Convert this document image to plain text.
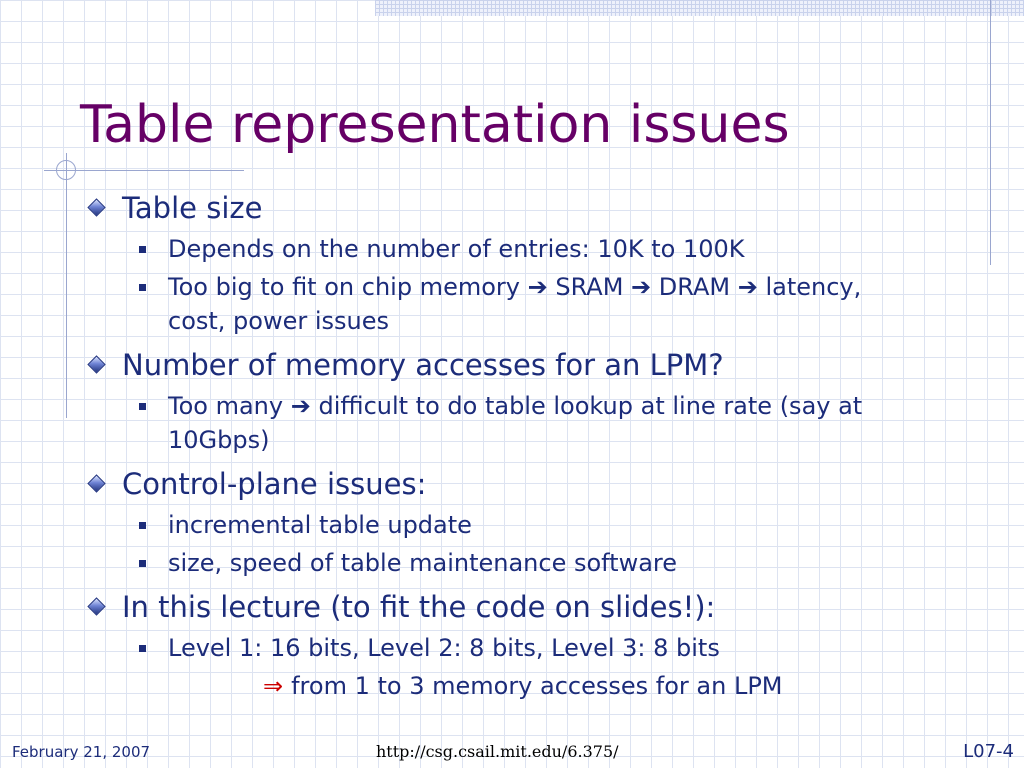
Table representation issues
Table size
Depends on the number of entries: 10K to 100K
Too big to fit on chip memory ➔ SRAM ➔ DRAM ➔ latency, cost, power issues
Number of memory accesses for an LPM?
Too many ➔ difficult to do table lookup at line rate (say at 10Gbps)
Control-plane issues:
incremental table update
size, speed of table maintenance software
In this lecture (to fit the code on slides!):
Level 1: 16 bits, Level 2: 8 bits, Level 3: 8 bits
⇒ from 1 to 3 memory accesses for an LPM
February 21, 2007	http://csg.csail.mit.edu/6.375/	L07-4
